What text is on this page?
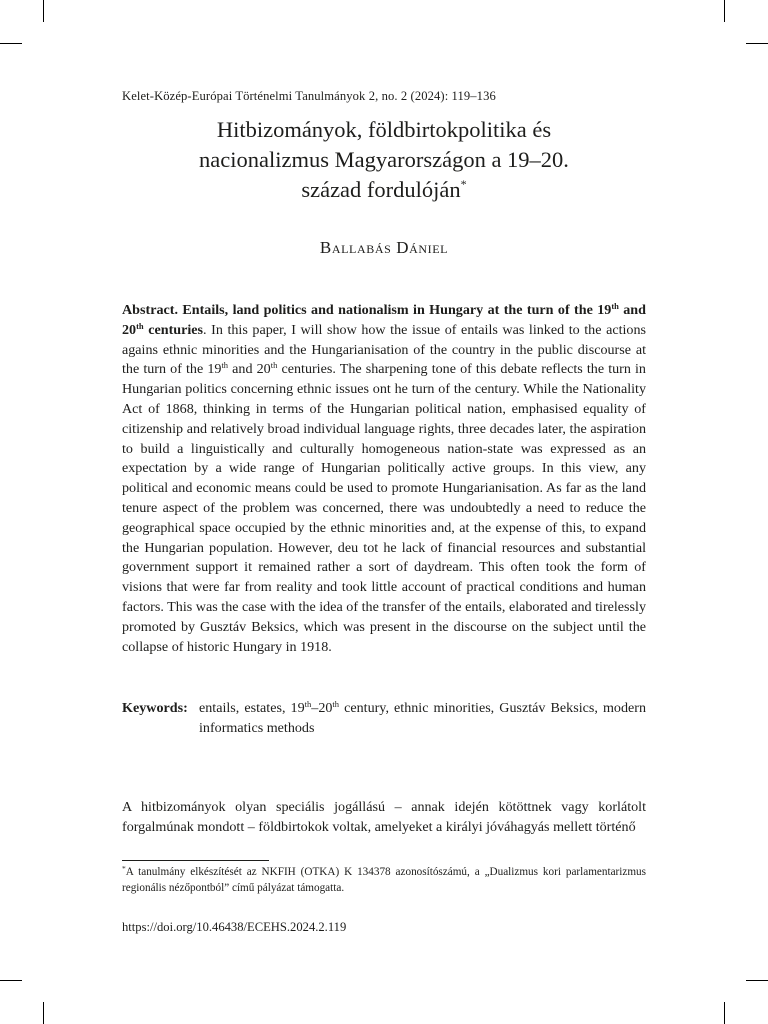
Kelet-Közép-Európai Történelmi Tanulmányok 2, no. 2 (2024): 119–136
Hitbizományok, földbirtokpolitika és
nacionalizmus Magyarországon a 19–20.
század fordulóján*
Ballabás Dániel

Abstract. Entails, land politics and nationalism in Hungary at the turn of the 19th and 20th centuries. In this paper, I will show how the issue of entails was linked to the actions agains ethnic minorities and the Hungarianisation of the country in the public discourse at the turn of the 19th and 20th centuries. The sharpening tone of this debate reflects the turn in Hungarian politics concerning ethnic issues ont he turn of the century. While the Nationality Act of 1868, thinking in terms of the Hungarian political nation, emphasised equality of citizenship and relatively broad individual language rights, three decades later, the aspiration to build a linguistically and culturally homogeneous nation-state was expressed as an expectation by a wide range of Hungarian politically active groups. In this view, any political and economic means could be used to promote Hungarianisation. As far as the land tenure aspect of the problem was concerned, there was undoubtedly a need to reduce the geographical space occupied by the ethnic minorities and, at the expense of this, to expand the Hungarian population. However, deu tot he lack of financial resources and substantial government support it remained rather a sort of daydream. This often took the form of visions that were far from reality and took little account of practical conditions and human factors. This was the case with the idea of the transfer of the entails, elaborated and tirelessly promoted by Gusztáv Beksics, which was present in the discourse on the subject until the collapse of historic Hungary in 1918.

Keywords: entails, estates, 19th–20th century, ethnic minorities, Gusztáv Beksics, modern informatics methods

A hitbizományok olyan speciális jogállású – annak idején kötöttnek vagy korlátolt forgalmúnak mondott – földbirtokok voltak, amelyeket a királyi jóváhagyás mellett történő

*A tanulmány elkészítését az NKFIH (OTKA) K 134378 azonosítószámú, a „Dualizmus kori parlamentarizmus regionális nézőpontból” című pályázat támogatta.

https://doi.org/10.46438/ECEHS.2024.2.119
